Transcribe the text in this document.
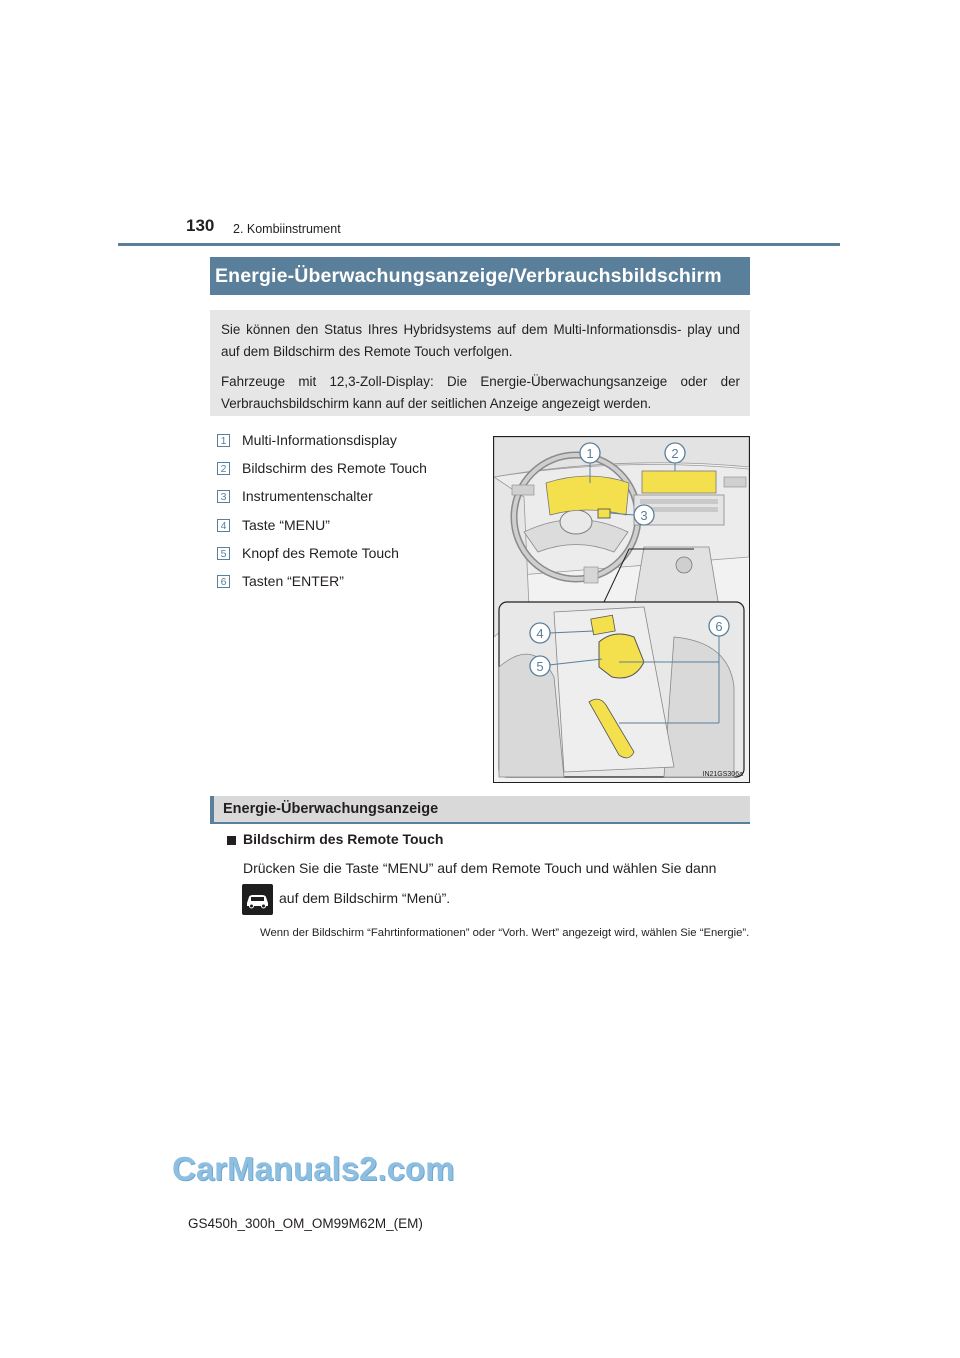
130 2. Kombiinstrument
Energie-Überwachungsanzeige/Verbrauchsbildschirm

Sie können den Status Ihres Hybridsystems auf dem Multi-Informationsdis- play und auf dem Bildschirm des Remote Touch verfolgen.

Fahrzeuge mit 12,3-Zoll-Display: Die Energie-Überwachungsanzeige oder der Verbrauchsbildschirm kann auf der seitlichen Anzeige angezeigt werden.

1 Multi-Informationsdisplay
2 Bildschirm des Remote Touch
3 Instrumentenschalter
4 Taste “MENU”
5 Knopf des Remote Touch
6 Tasten “ENTER”
1	2
3
4
5
6
IN21GS306a
Energie-Überwachungsanzeige
Bildschirm des Remote Touch
Drücken Sie die Taste “MENU” auf dem Remote Touch und wählen Sie dann
auf dem Bildschirm “Menü”.
Wenn der Bildschirm “Fahrtinformationen” oder “Vorh. Wert” angezeigt wird, wählen Sie “Energie”.
CarManuals2.com
GS450h_300h_OM_OM99M62M_(EM)
